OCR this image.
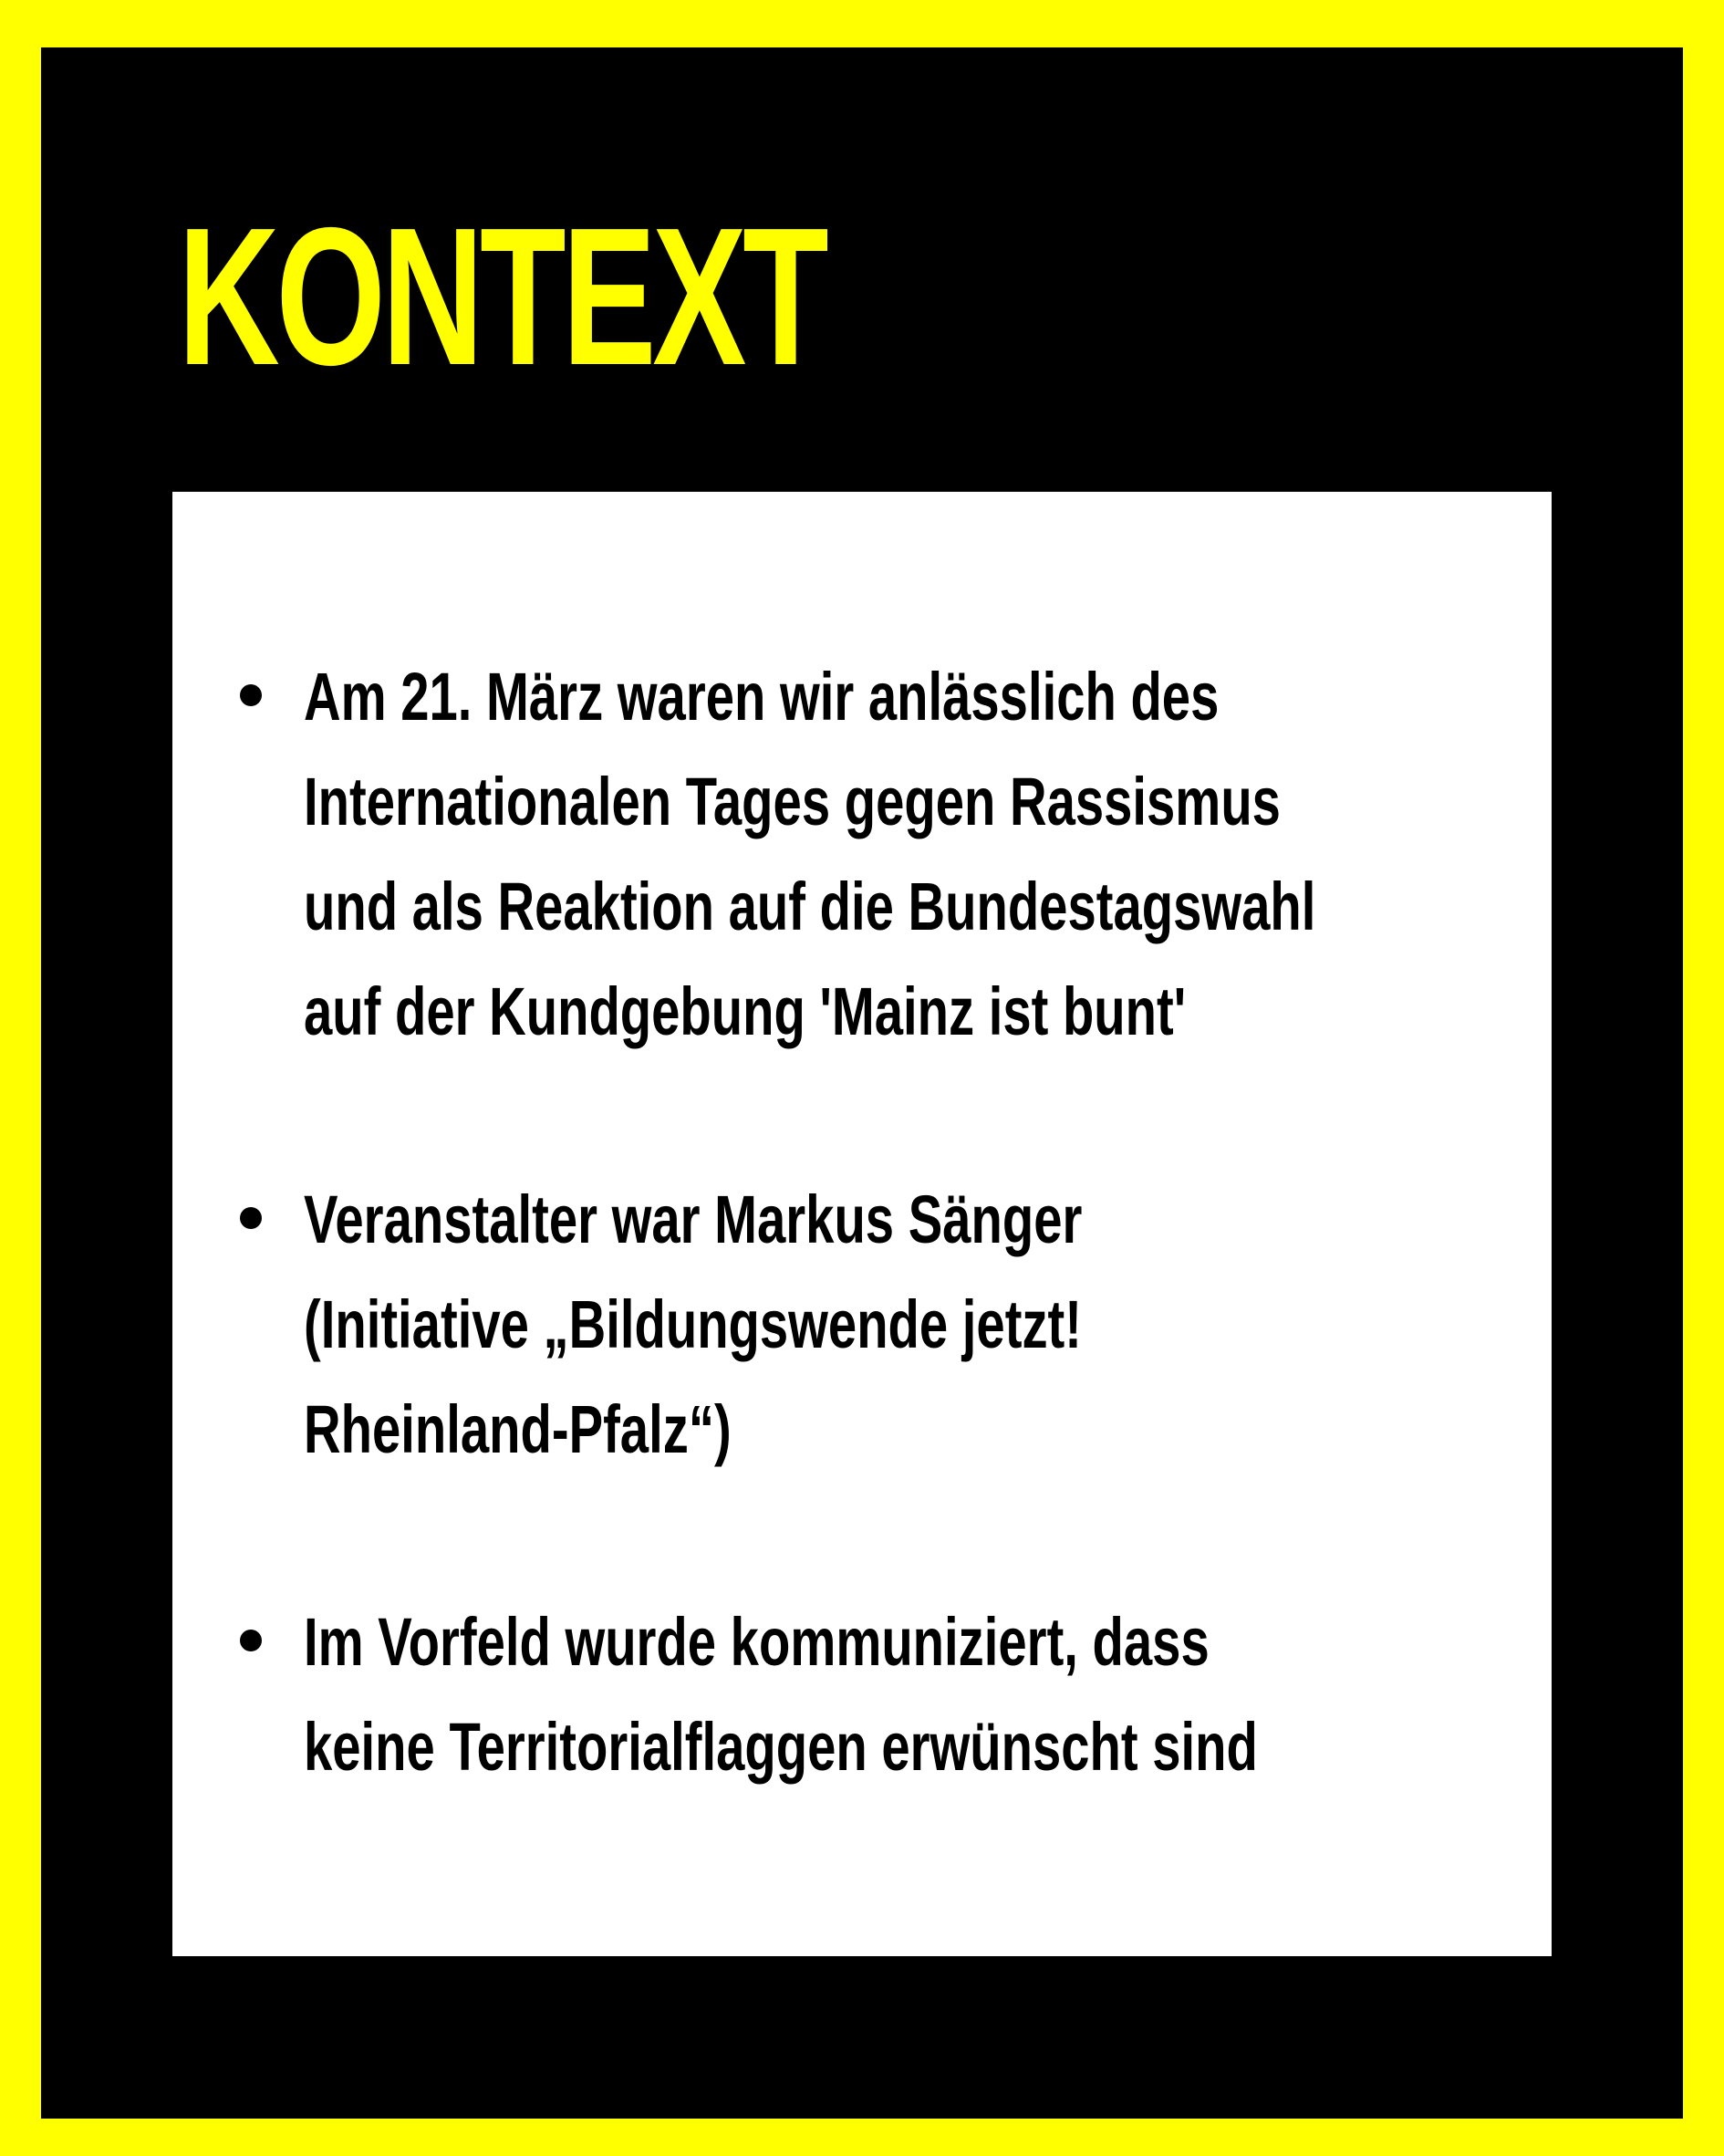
KONTEXT
Am 21. März waren wir anlässlich des
Internationalen Tages gegen Rassismus
und als Reaktion auf die Bundestagswahl
auf der Kundgebung 'Mainz ist bunt'
Veranstalter war Markus Sänger
(Initiative „Bildungswende jetzt!
Rheinland-Pfalz“)
Im Vorfeld wurde kommuniziert, dass
keine Territorialflaggen erwünscht sind
